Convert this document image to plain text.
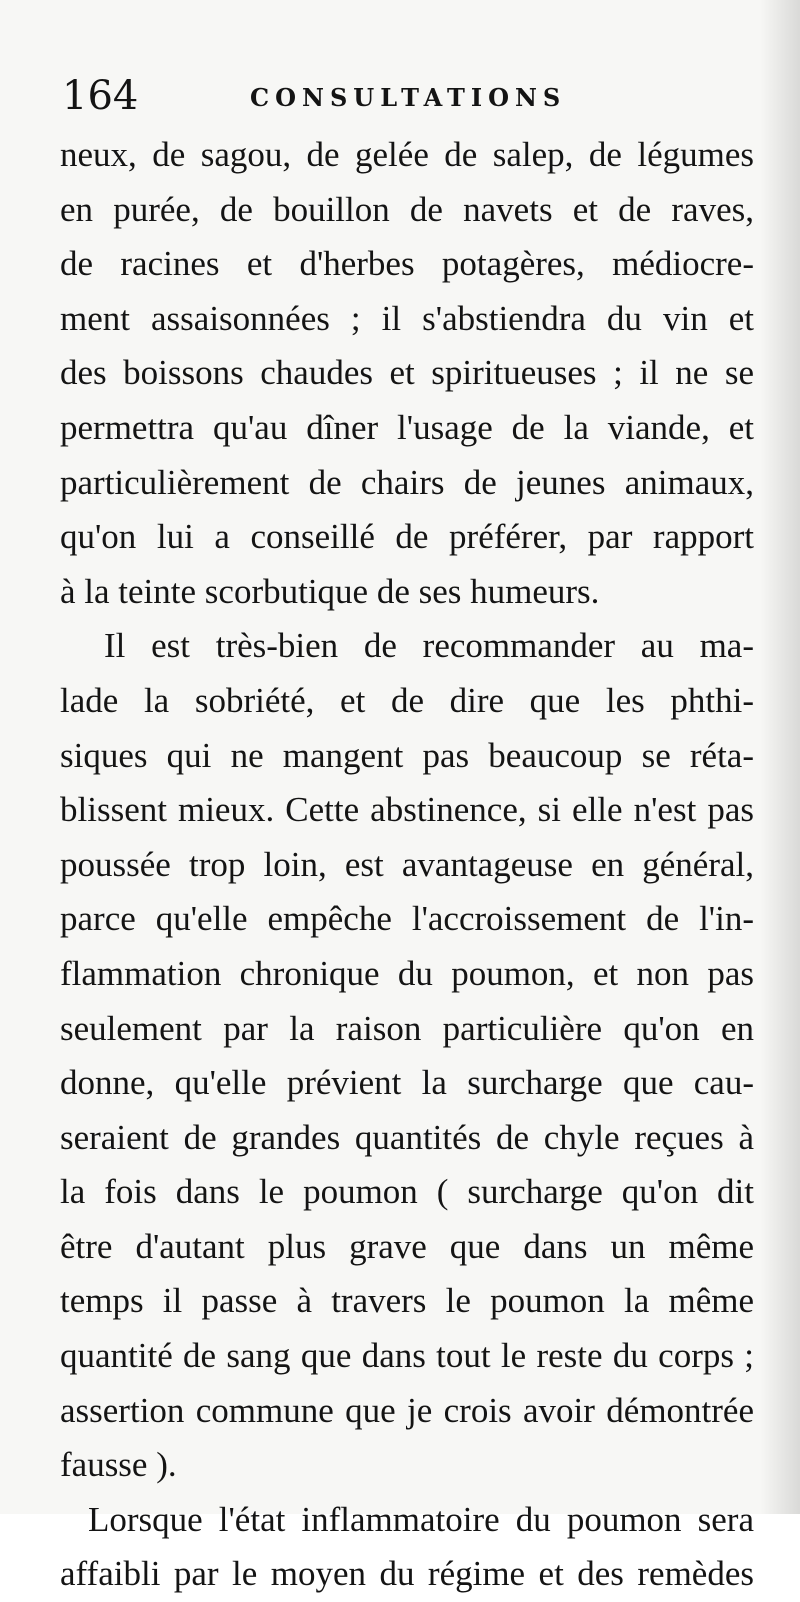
164	CONSULTATIONS
neux, de sagou, de gelée de salep, de légumes
en purée, de bouillon de navets et de raves,
de racines et d'herbes potagères, médiocre-
ment assaisonnées ; il s'abstiendra du vin et
des boissons chaudes et spiritueuses ; il ne se
permettra qu'au dîner l'usage de la viande, et
particulièrement de chairs de jeunes animaux,
qu'on lui a conseillé de préférer, par rapport
à la teinte scorbutique de ses humeurs.
Il est très-bien de recommander au ma-
lade la sobriété, et de dire que les phthi-
siques qui ne mangent pas beaucoup se réta-
blissent mieux. Cette abstinence, si elle n'est pas
poussée trop loin, est avantageuse en général,
parce qu'elle empêche l'accroissement de l'in-
flammation chronique du poumon, et non pas
seulement par la raison particulière qu'on en
donne, qu'elle prévient la surcharge que cau-
seraient de grandes quantités de chyle reçues à
la fois dans le poumon ( surcharge qu'on dit
être d'autant plus grave que dans un même
temps il passe à travers le poumon la même
quantité de sang que dans tout le reste du corps ;
assertion commune que je crois avoir démontrée
fausse ).
Lorsque l'état inflammatoire du poumon sera
affaibli par le moyen du régime et des remèdes
